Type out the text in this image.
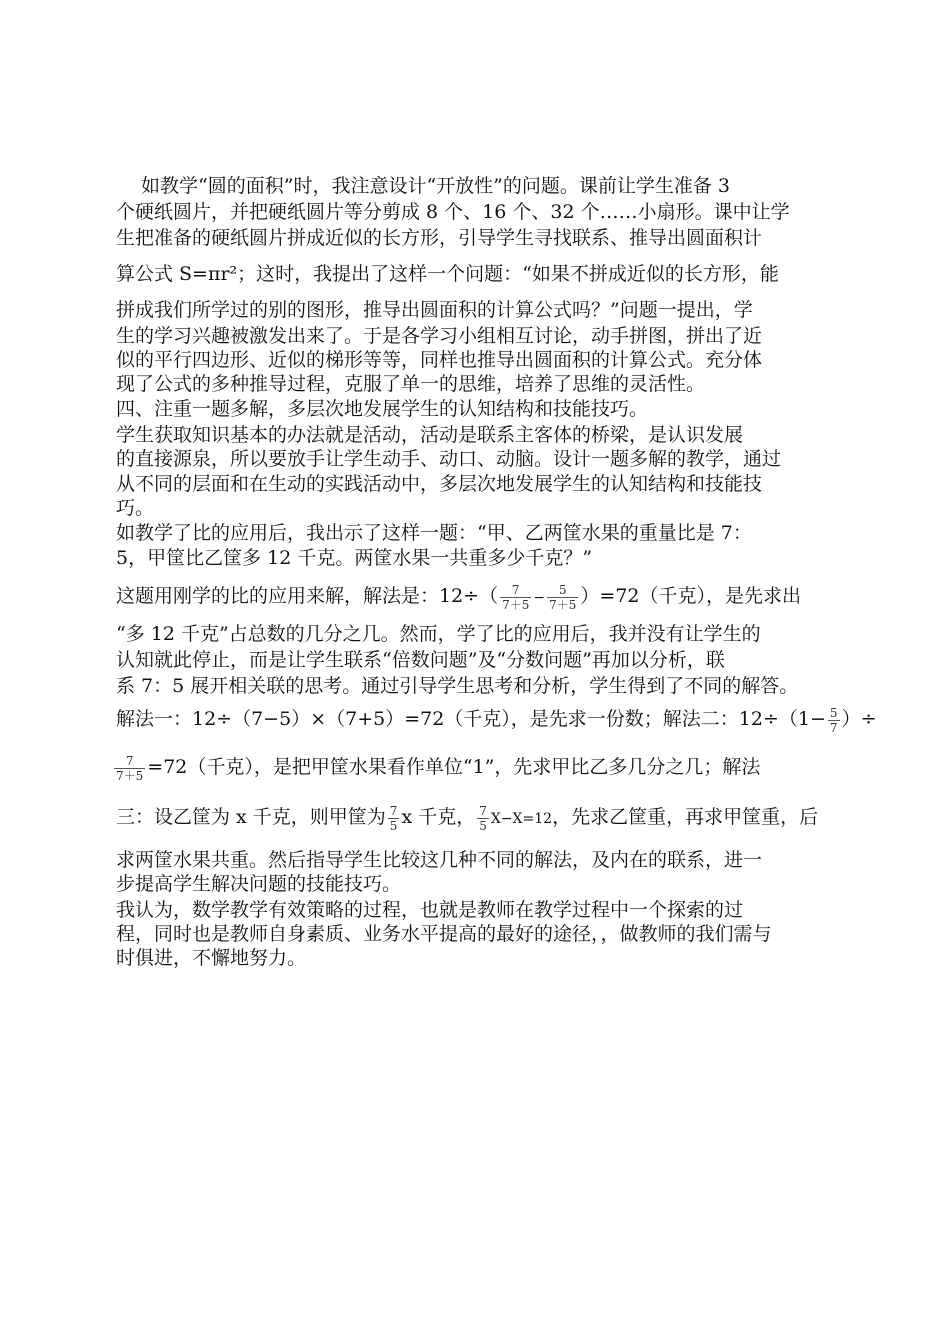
　 如教学“圆的面积”时，我注意设计“开放性”的问题。课前让学生准备 3
个硬纸圆片，并把硬纸圆片等分剪成 8 个、16 个、32 个……小扇形。课中让学
生把准备的硬纸圆片拼成近似的长方形，引导学生寻找联系、推导出圆面积计
算公式 S=πr²；这时，我提出了这样一个问题：“如果不拼成近似的长方形，能
拼成我们所学过的别的图形，推导出圆面积的计算公式吗？”问题一提出，学
生的学习兴趣被激发出来了。于是各学习小组相互讨论，动手拼图，拼出了近
似的平行四边形、近似的梯形等等，同样也推导出圆面积的计算公式。充分体
现了公式的多种推导过程，克服了单一的思维，培养了思维的灵活性。
四、注重一题多解，多层次地发展学生的认知结构和技能技巧。
学生获取知识基本的办法就是活动，活动是联系主客体的桥梁，是认识发展
的直接源泉，所以要放手让学生动手、动口、动脑。设计一题多解的教学，通过
从不同的层面和在生动的实践活动中，多层次地发展学生的认知结构和技能技
巧。
如教学了比的应用后，我出示了这样一题：“甲、乙两筐水果的重量比是 7：
5，甲筐比乙筐多 12 千克。两筐水果一共重多少千克？”
这题用刚学的比的应用来解，解法是：$12\div( \frac{7}{7+5} - \frac{5}{7+5} )=72$（千克），是先求出
“多 12 千克”占总数的几分之几。然而，学了比的应用后，我并没有让学生的
认知就此停止，而是让学生联系“倍数问题”及“分数问题”再加以分析，联
系 7：5 展开相关联的思考。通过引导学生思考和分析，学生得到了不同的解答。
解法一：12÷（7−5）×（7+5）=72（千克），是先求一份数；解法二：$12\div(1- \frac{5}{7}$ ）÷
$\frac{7}{7+5} =72$（千克），是把甲筐水果看作单位“1”，先求甲比乙多几分之几；解法
三：设乙筐为 x 千克，则甲筐为 $\frac{7}{5}$ x 千克， $\frac{7}{5} X-X=12$，先求乙筐重，再求甲筐重，后
求两筐水果共重。然后指导学生比较这几种不同的解法，及内在的联系，进一
步提高学生解决问题的技能技巧。
我认为，数学教学有效策略的过程，也就是教师在教学过程中一个探索的过
程，同时也是教师自身素质、业务水平提高的最好的途径，，做教师的我们需与
时俱进，不懈地努力。
